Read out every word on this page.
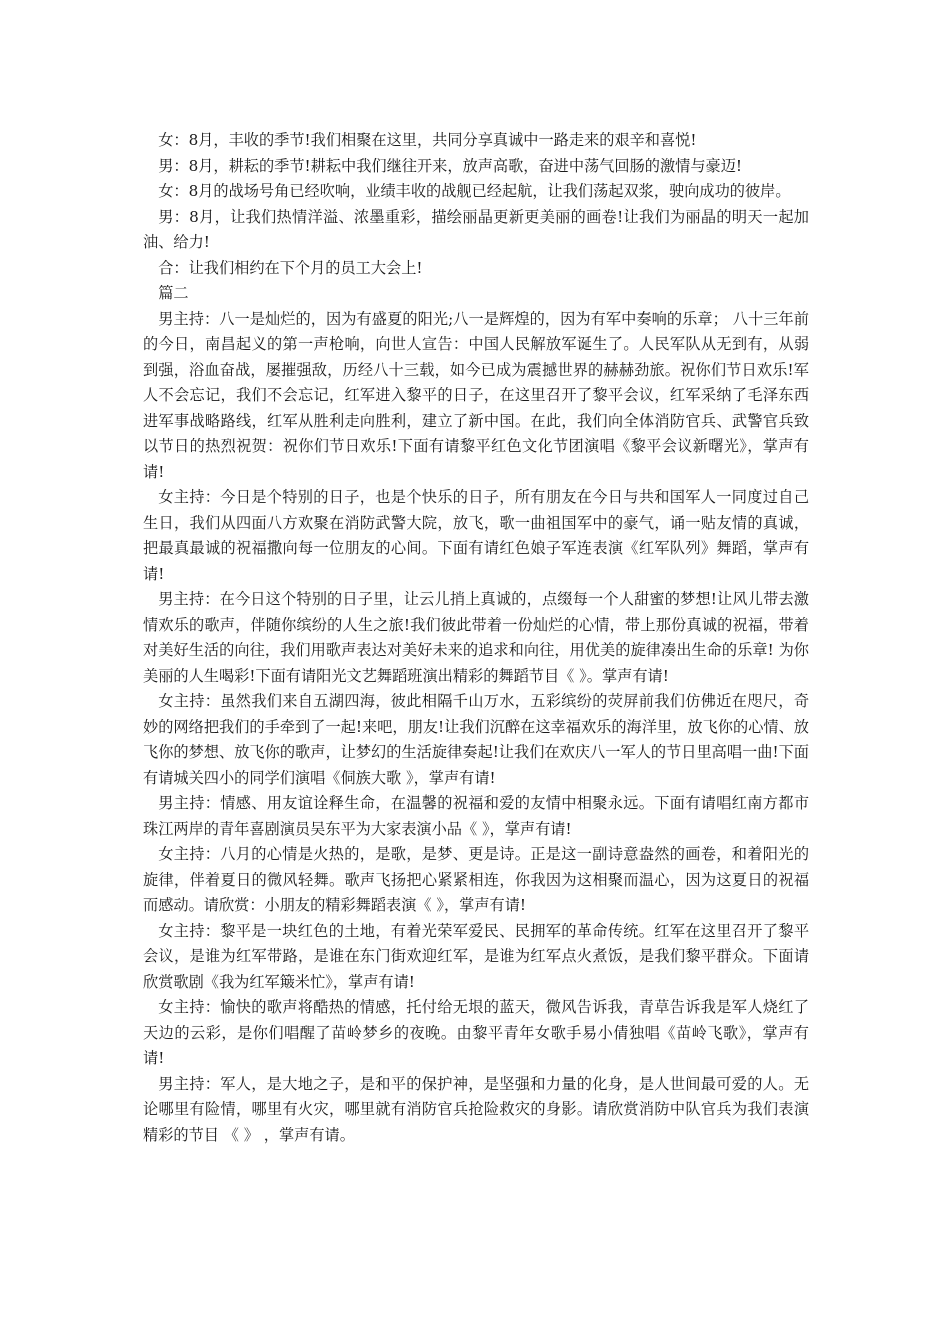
女：8月，丰收的季节!我们相聚在这里，共同分享真诚中一路走来的艰辛和喜悦!

男：8月，耕耘的季节!耕耘中我们继往开来，放声高歌，奋进中荡气回肠的激情与豪迈!

女：8月的战场号角已经吹响，业绩丰收的战舰已经起航，让我们荡起双浆，驶向成功的彼岸。

男：8月，让我们热情洋溢、浓墨重彩，描绘丽晶更新更美丽的画卷!让我们为丽晶的明天一起加油、给力!

合：让我们相约在下个月的员工大会上!

篇二

男主持：八一是灿烂的，因为有盛夏的阳光;八一是辉煌的，因为有军中奏响的乐章； 八十三年前的今日，南昌起义的第一声枪响，向世人宣告：中国人民解放军诞生了。人民军队从无到有，从弱到强，浴血奋战，屡摧强敌，历经八十三载，如今已成为震撼世界的赫赫劲旅。祝你们节日欢乐!军人不会忘记，我们不会忘记，红军进入黎平的日子，在这里召开了黎平会议，红军采纳了毛泽东西进军事战略路线，红军从胜利走向胜利，建立了新中国。在此，我们向全体消防官兵、武警官兵致以节日的热烈祝贺：祝你们节日欢乐!下面有请黎平红色文化节团演唱《黎平会议新曙光》，掌声有请!

女主持：今日是个特别的日子，也是个快乐的日子，所有朋友在今日与共和国军人一同度过自己生日，我们从四面八方欢聚在消防武警大院，放飞，歌一曲祖国军中的豪气，诵一贴友情的真诚，把最真最诚的祝福撒向每一位朋友的心间。下面有请红色娘子军连表演《红军队列》舞蹈，掌声有请!

男主持：在今日这个特别的日子里，让云儿捎上真诚的，点缀每一个人甜蜜的梦想!让风儿带去激情欢乐的歌声，伴随你缤纷的人生之旅!我们彼此带着一份灿烂的心情，带上那份真诚的祝福，带着对美好生活的向往，我们用歌声表达对美好未来的追求和向往，用优美的旋律凑出生命的乐章! 为你美丽的人生喝彩!下面有请阳光文艺舞蹈班演出精彩的舞蹈节目《 》。掌声有请!

女主持：虽然我们来自五湖四海，彼此相隔千山万水，五彩缤纷的荧屏前我们仿佛近在咫尺，奇妙的网络把我们的手牵到了一起!来吧，朋友!让我们沉醉在这幸福欢乐的海洋里，放飞你的心情、放飞你的梦想、放飞你的歌声，让梦幻的生活旋律奏起!让我们在欢庆八一军人的节日里高唱一曲!下面有请城关四小的同学们演唱《侗族大歌 》，掌声有请!

男主持：情感、用友谊诠释生命，在温馨的祝福和爱的友情中相聚永远。下面有请唱红南方都市珠江两岸的青年喜剧演员吴东平为大家表演小品《 》，掌声有请!

女主持：八月的心情是火热的，是歌，是梦、更是诗。正是这一副诗意盎然的画卷，和着阳光的旋律，伴着夏日的微风轻舞。歌声飞扬把心紧紧相连，你我因为这相聚而温心，因为这夏日的祝福而感动。请欣赏：小朋友的精彩舞蹈表演《 》，掌声有请!

女主持：黎平是一块红色的土地，有着光荣军爱民、民拥军的革命传统。红军在这里召开了黎平会议，是谁为红军带路，是谁在东门街欢迎红军，是谁为红军点火煮饭，是我们黎平群众。下面请欣赏歌剧《我为红军簸米忙》，掌声有请!

女主持：愉快的歌声将酷热的情感，托付给无垠的蓝天，微风告诉我，青草告诉我是军人烧红了天边的云彩，是你们唱醒了苗岭梦乡的夜晚。由黎平青年女歌手易小倩独唱《苗岭飞歌》，掌声有请!

男主持：军人，是大地之子，是和平的保护神，是坚强和力量的化身，是人世间最可爱的人。无论哪里有险情，哪里有火灾，哪里就有消防官兵抢险救灾的身影。请欣赏消防中队官兵为我们表演精彩的节目 《 》 ，掌声有请。
